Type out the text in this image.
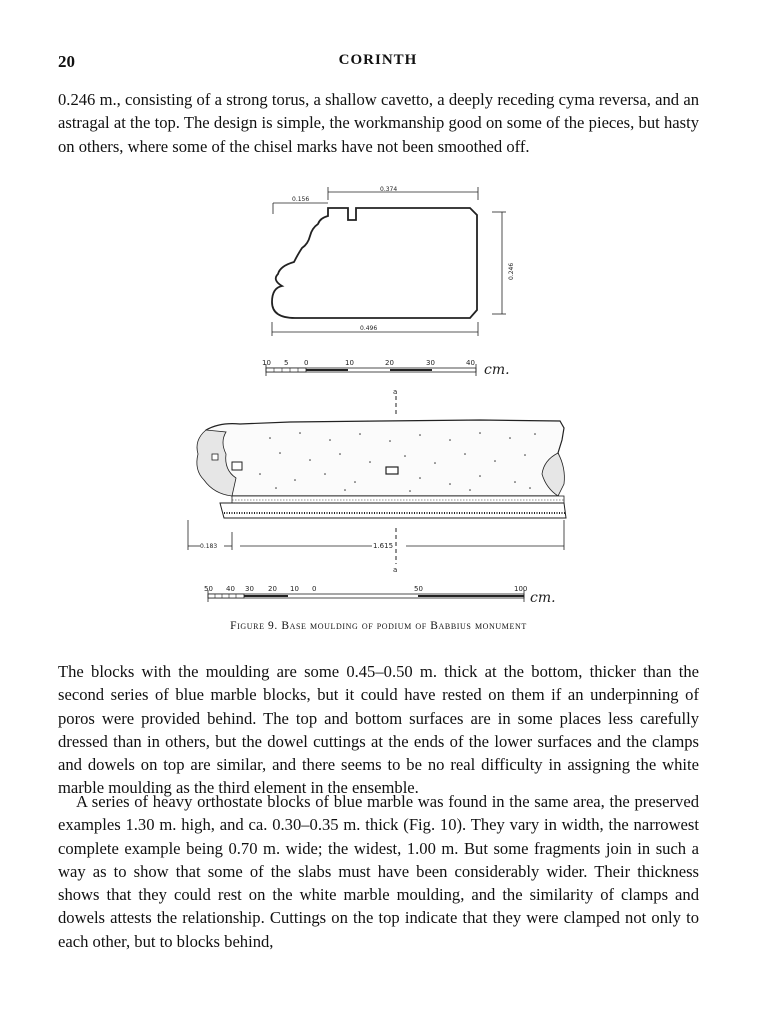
20	CORINTH

0.246 m., consisting of a strong torus, a shallow cavetto, a deeply receding cyma reversa, and an astragal at the top. The design is simple, the workmanship good on some of the pieces, but hasty on others, where some of the chisel marks have not been smoothed off.

0.156
0.374
0.246
0.496
10 5 0	10	20	30	40 cm.
a
0.183	1.615
a
50 40 30 20 10 0	50	100
cm.
Figure 9. Base moulding of podium of Babbius monument

The blocks with the moulding are some 0.45–0.50 m. thick at the bottom, thicker than the second series of blue marble blocks, but it could have rested on them if an underpinning of poros were provided behind. The top and bottom surfaces are in some places less carefully dressed than in others, but the dowel cuttings at the ends of the lower surfaces and the clamps and dowels on top are similar, and there seems to be no real difficulty in assigning the white marble moulding as the third element in the ensemble.

A series of heavy orthostate blocks of blue marble was found in the same area, the preserved examples 1.30 m. high, and ca. 0.30–0.35 m. thick (Fig. 10). They vary in width, the narrowest complete example being 0.70 m. wide; the widest, 1.00 m. But some fragments join in such a way as to show that some of the slabs must have been considerably wider. Their thickness shows that they could rest on the white marble moulding, and the similarity of clamps and dowels attests the relationship. Cuttings on the top indicate that they were clamped not only to each other, but to blocks behind,
